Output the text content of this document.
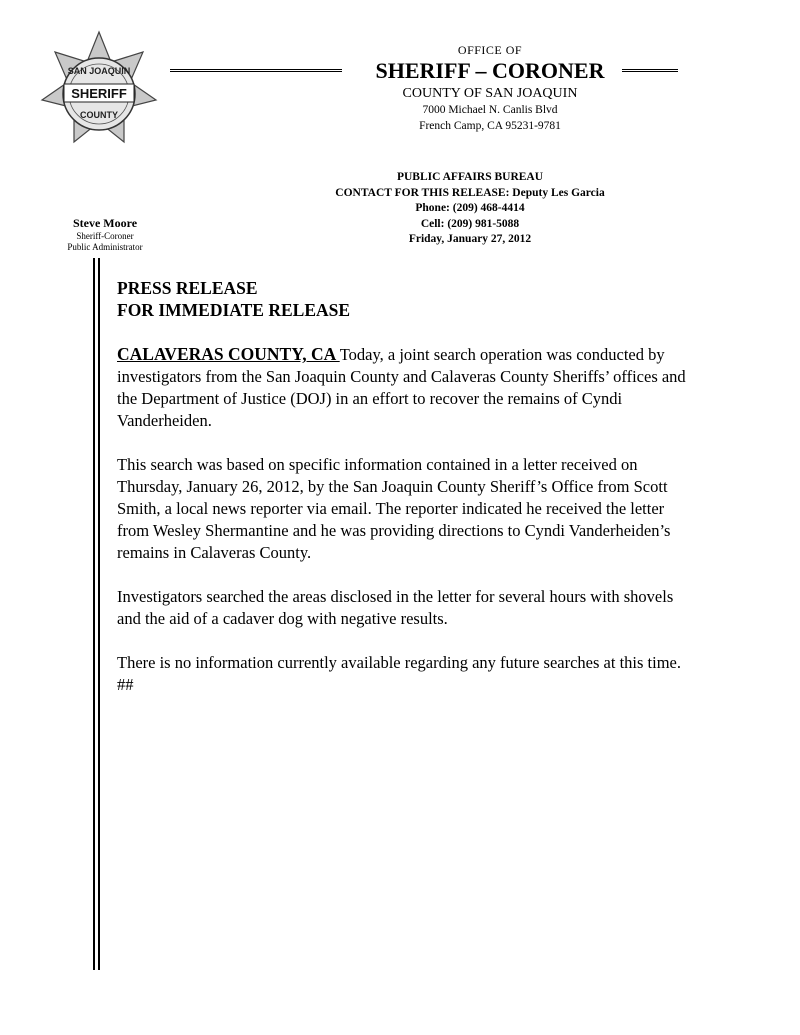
SAN JOAQUIN
SHERIFF
COUNTY
OFFICE OF
SHERIFF – CORONER
COUNTY OF SAN JOAQUIN
7000 Michael N. Canlis Blvd
French Camp, CA 95231-9781
PUBLIC AFFAIRS BUREAU
CONTACT FOR THIS RELEASE: Deputy Les Garcia
Phone: (209) 468-4414
Cell: (209) 981-5088
Friday, January 27, 2012
Steve Moore
Sheriff-Coroner
Public Administrator
PRESS RELEASE
FOR IMMEDIATE RELEASE

CALAVERAS COUNTY, CA Today, a joint search operation was conducted by investigators from the San Joaquin County and Calaveras County Sheriffs’ offices and the Department of Justice (DOJ) in an effort to recover the remains of Cyndi Vanderheiden.

This search was based on specific information contained in a letter received on Thursday, January 26, 2012, by the San Joaquin County Sheriff’s Office from Scott Smith, a local news reporter via email. The reporter indicated he received the letter from Wesley Shermantine and he was providing directions to Cyndi Vanderheiden’s remains in Calaveras County.

Investigators searched the areas disclosed in the letter for several hours with shovels and the aid of a cadaver dog with negative results.

There is no information currently available regarding any future searches at this time.

##
